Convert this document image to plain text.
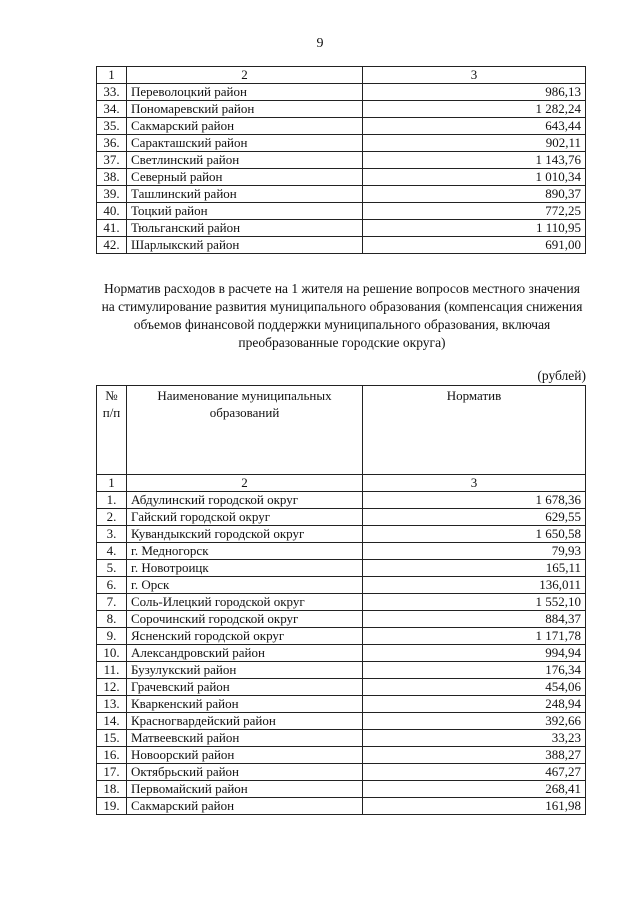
9
1	2	3
33.	Переволоцкий район	986,13
34.	Пономаревский район	1 282,24
35.	Сакмарский район	643,44
36.	Саракташский район	902,11
37.	Светлинский район	1 143,76
38.	Северный район	1 010,34
39.	Ташлинский район	890,37
40.	Тоцкий район	772,25
41.	Тюльганский район	1 110,95
42.	Шарлыкский район	691,00
Норматив расходов в расчете на 1 жителя на решение вопросов местного значения на стимулирование развития муниципального образования (компенсация снижения объемов финансовой поддержки муниципального образования, включая преобразованные городские округа)
(рублей)
№ п/п	Наименование муниципальных образований	Норматив
1	2	3
1.	Абдулинский городской округ	1 678,36
2.	Гайский городской округ	629,55
3.	Кувандыкский городской округ	1 650,58
4.	г. Медногорск	79,93
5.	г. Новотроицк	165,11
6.	г. Орск	136,011
7.	Соль-Илецкий городской округ	1 552,10
8.	Сорочинский городской округ	884,37
9.	Ясненский городской округ	1 171,78
10.	Александровский район	994,94
11.	Бузулукский район	176,34
12.	Грачевский район	454,06
13.	Кваркенский район	248,94
14.	Красногвардейский район	392,66
15.	Матвеевский район	33,23
16.	Новоорский район	388,27
17.	Октябрьский район	467,27
18.	Первомайский район	268,41
19.	Сакмарский район	161,98
